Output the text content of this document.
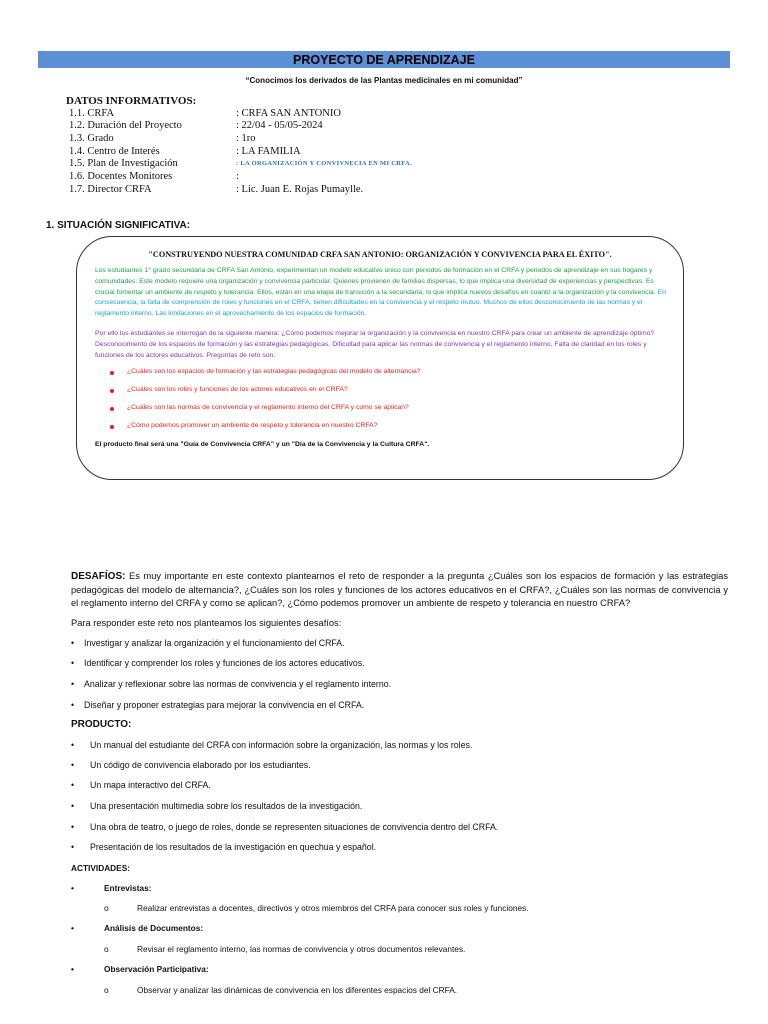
PROYECTO DE APRENDIZAJE
“Conocimos los derivados de las Plantas medicinales en mi comunidad”
DATOS INFORMATIVOS:
1.1. CRFA	: CRFA SAN ANTONIO
1.2. Duración del Proyecto	: 22/04 - 05/05-2024
1.3. Grado	: 1ro
1.4. Centro de Interés	: LA FAMILIA
1.5. Plan de Investigación	: LA ORGANIZACIÓN Y CONVIVNECIA EN MI CRFA.
1.6. Docentes Monitores	:
1.7. Director CRFA	: Lic. Juan E. Rojas Pumaylle.
1. SITUACIÓN SIGNIFICATIVA:
"CONSTRUYENDO NUESTRA COMUNIDAD CRFA SAN ANTONIO: ORGANIZACIÓN Y CONVIVENCIA PARA EL ÉXITO".
Los estudiantes 1° grado secundaria de CRFA San Antonio, experimentan un modelo educativo único con periodos de formación en el CRFA y periodos de aprendizaje en sus hogares y comunidades. Este modelo requiere una organización y convivencia particular. Quienes provienen de familias dispersas, lo que implica una diversidad de experiencias y perspectivas. Es crucial fomentar un ambiente de respeto y tolerancia. Ellos, están en una etapa de transición a la secundaria, lo que implica nuevos desafíos en cuanto a la organización y la convivencia. En consecuencia, la falta de comprensión de roles y funciones en el CRFA, tienen dificultades en la convivencia y el respeto mutuo. Muchos de ellos desconocimiento de las normas y el reglamento interno. Las limitaciones en el aprovechamiento de los espacios de formación.
Por ello los estudiantes se interrogan de la siguiente manera: ¿Cómo podemos mejorar la organización y la convivencia en nuestro CRFA para crear un ambiente de aprendizaje óptimo? Desconocimiento de los espacios de formación y las estrategias pedagógicas. Dificultad para aplicar las normas de convivencia y el reglamento interno. Falta de claridad en los roles y funciones de los actores educativos. Preguntas de reto son:
¿Cuáles son los espacios de formación y las estrategias pedagógicas del modelo de alternancia?
¿Cuáles son los roles y funciones de los actores educativos en el CRFA?
¿Cuáles son las normas de convivencia y el reglamento interno del CRFA y como se aplican?
¿Cómo podemos promover un ambiente de respeto y tolerancia en nuestro CRFA?
El producto final será una "Guía de Convivencia CRFA" y un "Día de la Convivencia y la Cultura CRFA".
DESAFÍOS: Es muy importante en este contexto plantearnos el reto de responder a la pregunta ¿Cuáles son los espacios de formación y las estrategias pedagógicas del modelo de alternancia?, ¿Cuáles son los roles y funciones de los actores educativos en el CRFA?, ¿Cuáles son las normas de convivencia y el reglamento interno del CRFA y como se aplican?, ¿Cómo podemos promover un ambiente de respeto y tolerancia en nuestro CRFA?
Para responder este reto nos planteamos los siguientes desafíos:
• Investigar y analizar la organización y el funcionamiento del CRFA.
• Identificar y comprender los roles y funciones de los actores educativos.
• Analizar y reflexionar sobre las normas de convivencia y el reglamento interno.
• Diseñar y proponer estrategias para mejorar la convivencia en el CRFA.
PRODUCTO:
• Un manual del estudiante del CRFA con información sobre la organización, las normas y los roles.
• Un código de convivencia elaborado por los estudiantes.
• Un mapa interactivo del CRFA.
• Una presentación multimedia sobre los resultados de la investigación.
• Una obra de teatro, o juego de roles, donde se representen situaciones de convivencia dentro del CRFA.
• Presentación de los resultados de la investigación en quechua y español.
ACTIVIDADES:
•	Entrevistas:
o	Realizar entrevistas a docentes, directivos y otros miembros del CRFA para conocer sus roles y funciones.
•	Análisis de Documentos:
o	Revisar el reglamento interno, las normas de convivencia y otros documentos relevantes.
•	Observación Participativa:
o	Observar y analizar las dinámicas de convivencia en los diferentes espacios del CRFA.
